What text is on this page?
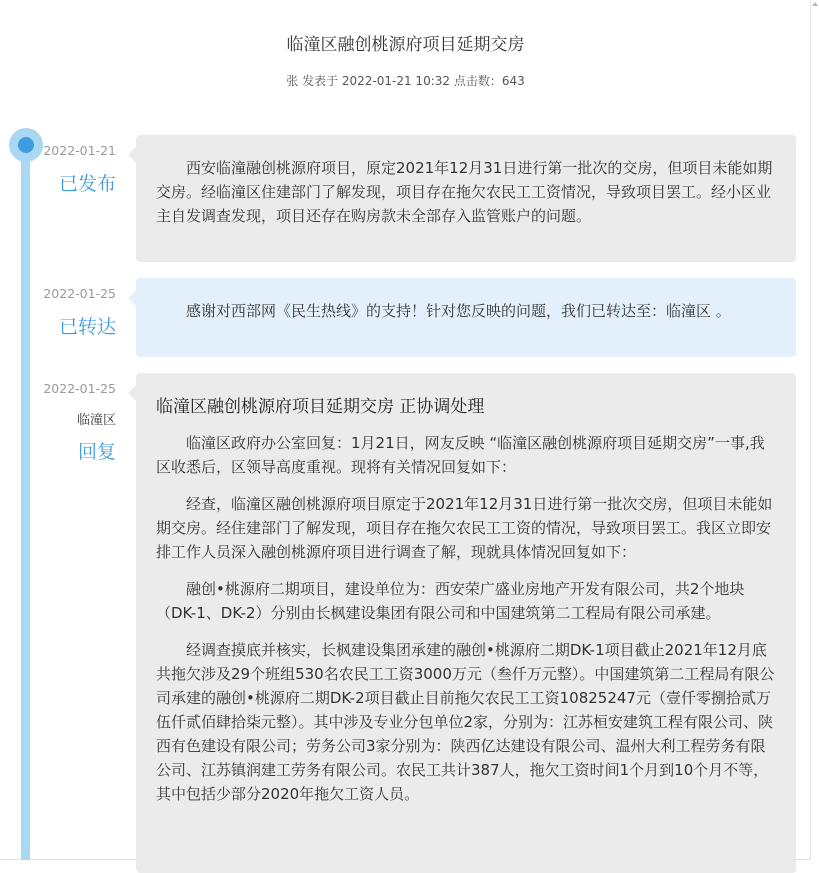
临潼区融创桃源府项目延期交房
张 发表于 2022-01-21 10:32 点击数：643
2022-01-21
已发布

西安临潼融创桃源府项目，原定2021年12月31日进行第一批次的交房，但项目未能如期交房。经临潼区住建部门了解发现，项目存在拖欠农民工工资情况，导致项目罢工。经小区业主自发调查发现，项目还存在购房款未全部存入监管账户的问题。

2022-01-25
已转达

感谢对西部网《民生热线》的支持！针对您反映的问题，我们已转达至：临潼区 。

2022-01-25
临潼区
回复
临潼区融创桃源府项目延期交房 正协调处理

临潼区政府办公室回复：1月21日，网友反映 “临潼区融创桃源府项目延期交房”一事,我区收悉后，区领导高度重视。现将有关情况回复如下：

经查，临潼区融创桃源府项目原定于2021年12月31日进行第一批次交房，但项目未能如期交房。经住建部门了解发现，项目存在拖欠农民工工资的情况，导致项目罢工。我区立即安排工作人员深入融创桃源府项目进行调查了解，现就具体情况回复如下：

融创•桃源府二期项目，建设单位为：西安荣广盛业房地产开发有限公司，共2个地块（DK-1、DK-2）分别由长枫建设集团有限公司和中国建筑第二工程局有限公司承建。

经调查摸底并核实，长枫建设集团承建的融创•桃源府二期DK-1项目截止2021年12月底共拖欠涉及29个班组530名农民工工资3000万元（叁仟万元整）。中国建筑第二工程局有限公司承建的融创•桃源府二期DK-2项目截止目前拖欠农民工工资10825247元（壹仟零捌拾贰万伍仟贰佰肆拾柒元整）。其中涉及专业分包单位2家，分别为：江苏桓安建筑工程有限公司、陕西有色建设有限公司；劳务公司3家分别为：陕西亿达建设有限公司、温州大利工程劳务有限公司、江苏镇润建工劳务有限公司。农民工共计387人，拖欠工资时间1个月到10个月不等，其中包括少部分2020年拖欠工资人员。
